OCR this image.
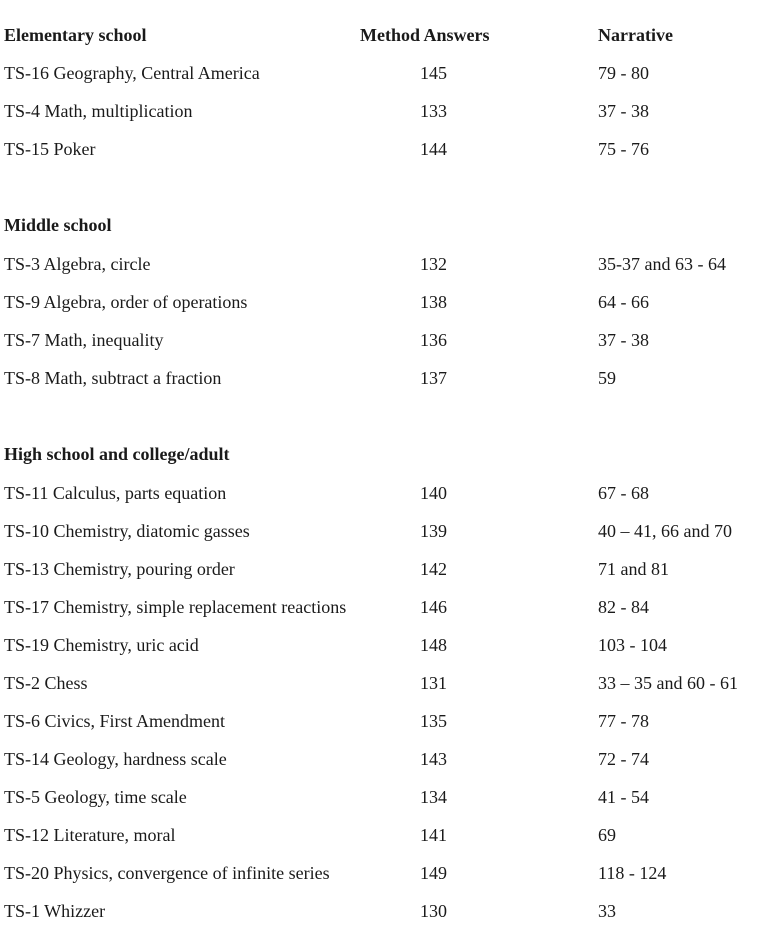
Elementary school	Method Answers	Narrative
TS-16 Geography, Central America	145	79 - 80
TS-4 Math, multiplication	133	37 - 38
TS-15 Poker	144	75 - 76
Middle school
TS-3 Algebra, circle	132	35-37 and 63 - 64
TS-9 Algebra, order of operations	138	64 - 66
TS-7 Math, inequality	136	37 - 38
TS-8 Math, subtract a fraction	137	59
High school and college/adult
TS-11 Calculus, parts equation	140	67 - 68
TS-10 Chemistry, diatomic gasses	139	40 – 41, 66 and 70
TS-13 Chemistry, pouring order	142	71 and 81
TS-17 Chemistry, simple replacement reactions	146	82 - 84
TS-19 Chemistry, uric acid	148	103 - 104
TS-2 Chess	131	33 – 35 and 60 - 61
TS-6 Civics, First Amendment	135	77 - 78
TS-14 Geology, hardness scale	143	72 - 74
TS-5 Geology, time scale	134	41 - 54
TS-12 Literature, moral	141	69
TS-20 Physics, convergence of infinite series	149	118 - 124
TS-1 Whizzer	130	33
